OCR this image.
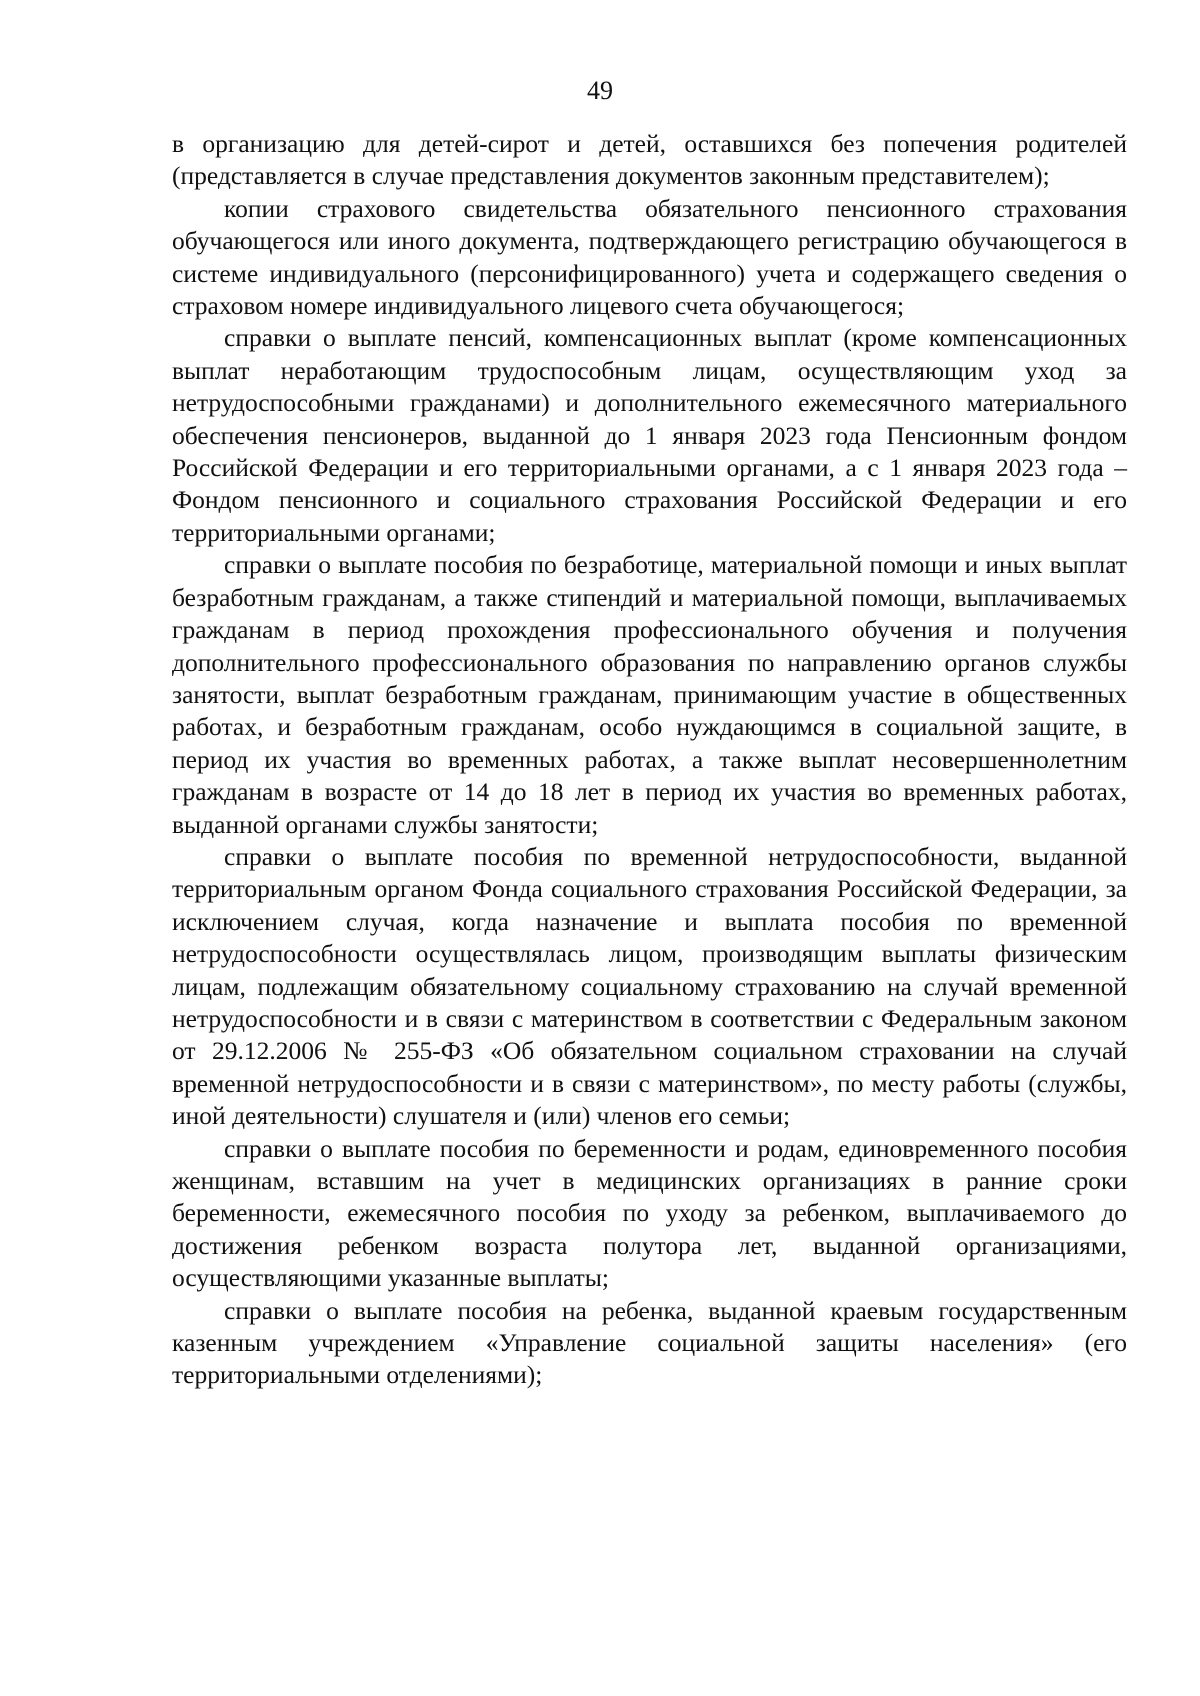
49

в организацию для детей-сирот и детей, оставшихся без попечения родителей (представляется в случае представления документов законным представителем);

копии страхового свидетельства обязательного пенсионного страхования обучающегося или иного документа, подтверждающего регистрацию обучающегося в системе индивидуального (персонифицированного) учета и содержащего сведения о страховом номере индивидуального лицевого счета обучающегося;

справки о выплате пенсий, компенсационных выплат (кроме компенсационных выплат неработающим трудоспособным лицам, осуществляющим уход за нетрудоспособными гражданами) и дополнительного ежемесячного материального обеспечения пенсионеров, выданной до 1 января 2023 года Пенсионным фондом Российской Федерации и его территориальными органами, а с 1 января 2023 года – Фондом пенсионного и социального страхования Российской Федерации и его территориальными органами;

справки о выплате пособия по безработице, материальной помощи и иных выплат безработным гражданам, а также стипендий и материальной помощи, выплачиваемых гражданам в период прохождения профессионального обучения и получения дополнительного профессионального образования по направлению органов службы занятости, выплат безработным гражданам, принимающим участие в общественных работах, и безработным гражданам, особо нуждающимся в социальной защите, в период их участия во временных работах, а также выплат несовершеннолетним гражданам в возрасте от 14 до 18 лет в период их участия во временных работах, выданной органами службы занятости;

справки о выплате пособия по временной нетрудоспособности, выданной территориальным органом Фонда социального страхования Российской Федерации, за исключением случая, когда назначение и выплата пособия по временной нетрудоспособности осуществлялась лицом, производящим выплаты физическим лицам, подлежащим обязательному социальному страхованию на случай временной нетрудоспособности и в связи с материнством в соответствии с Федеральным законом от 29.12.2006 № 255-ФЗ «Об обязательном социальном страховании на случай временной нетрудоспособности и в связи с материнством», по месту работы (службы, иной деятельности) слушателя и (или) членов его семьи;

справки о выплате пособия по беременности и родам, единовременного пособия женщинам, вставшим на учет в медицинских организациях в ранние сроки беременности, ежемесячного пособия по уходу за ребенком, выплачиваемого до достижения ребенком возраста полутора лет, выданной организациями, осуществляющими указанные выплаты;

справки о выплате пособия на ребенка, выданной краевым государственным казенным учреждением «Управление социальной защиты населения» (его территориальными отделениями);
